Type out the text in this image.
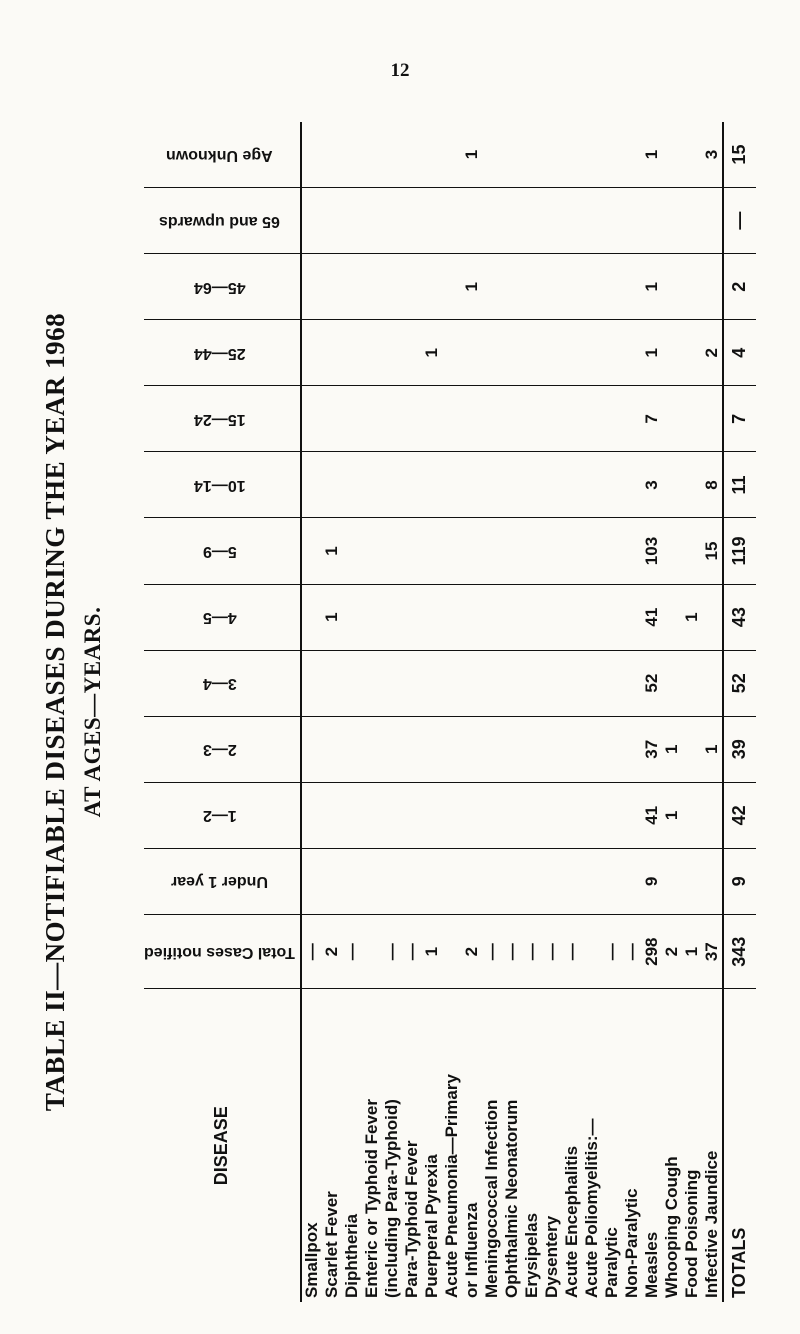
12
TABLE II—NOTIFIABLE DISEASES DURING THE YEAR 1968 AT AGES—YEARS.
DISEASE	Total Cases notified	Under 1 year	1—2	2—3	3—4	4—5	5—9	10—14	15—24	25—44	45—64	65 and upwards	Age Unknown
Smallpox	—												
Scarlet Fever	2					1	1						
Diphtheria	—												
Enteric or Typhoid Fever													
(including Para-Typhoid)	—												
Para-Typhoid Fever	—												
Puerperal Pyrexia	1									1			
Acute Pneumonia—Primary													
or Influenza	2										1		1
Meningococcal Infection	—												
Ophthalmic Neonatorum	—												
Erysipelas	—												
Dysentery	—												
Acute Encephalitis	—												
Acute Poliomyelitis:—													
Paralytic	—												
Non-Paralytic	—												
Measles	298	9	41	37	52	41	103	3	7	1	1		1
Whooping Cough	2		1	1									
Food Poisoning	1					1							
Infective Jaundice	37			1			15	8		2			3
TOTALS	343	9	42	39	52	43	119	11	7	4	2	—	15
